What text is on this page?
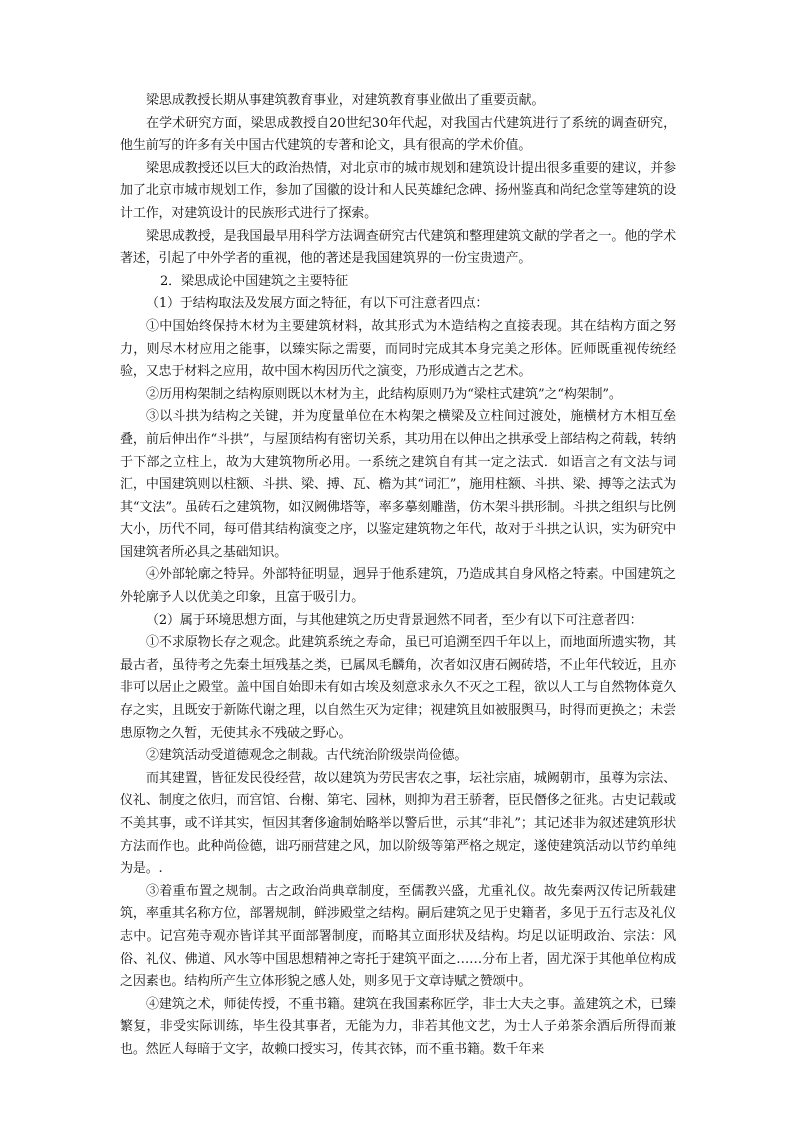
梁思成教授长期从事建筑教育事业，对建筑教育事业做出了重要贡献。

在学术研究方面，梁思成教授自20世纪30年代起，对我国古代建筑进行了系统的调查研究，他生前写的许多有关中国古代建筑的专著和论文，具有很高的学术价值。

梁思成教授还以巨大的政治热情，对北京市的城市规划和建筑设计提出很多重要的建议，并参加了北京市城市规划工作，参加了国徽的设计和人民英雄纪念碑、扬州鉴真和尚纪念堂等建筑的设计工作，对建筑设计的民族形式进行了探索。

梁思成教授，是我国最早用科学方法调查研究古代建筑和整理建筑文献的学者之一。他的学术著述，引起了中外学者的重视，他的著述是我国建筑界的一份宝贵遗产。

2．梁思成论中国建筑之主要特征

（1）于结构取法及发展方面之特征，有以下可注意者四点：

①中国始终保持木材为主要建筑材料，故其形式为木造结构之直接表现。其在结构方面之努力，则尽木材应用之能事，以臻实际之需要，而同时完成其本身完美之形体。匠师既重视传统经验，又忠于材料之应用，故中国木构因历代之演变，乃形成遒古之艺术。

②历用构架制之结构原则既以木材为主，此结构原则乃为“梁柱式建筑”之“构架制”。

③以斗拱为结构之关键，并为度量单位在木构架之横梁及立柱间过渡处，施横材方木相互垒叠，前后伸出作“斗拱”，与屋顶结构有密切关系，其功用在以伸出之拱承受上部结构之荷载，转纳于下部之立柱上，故为大建筑物所必用。一系统之建筑自有其一定之法式．如语言之有文法与词汇，中国建筑则以柱额、斗拱、梁、搏、瓦、檐为其“词汇”，施用柱额、斗拱、梁、搏等之法式为其“文法”。虽砖石之建筑物，如汉阙佛塔等，率多摹刻雕凿，仿木架斗拱形制。斗拱之组织与比例大小，历代不同，每可借其结构演变之序，以鉴定建筑物之年代，故对于斗拱之认识，实为研究中国建筑者所必具之基础知识。

④外部轮廓之特异。外部特征明显，迥异于他系建筑，乃造成其自身风格之特素。中国建筑之外轮廓予人以优美之印象，且富于吸引力。

（2）属于环境思想方面，与其他建筑之历史背景迥然不同者，至少有以下可注意者四：

①不求原物长存之观念。此建筑系统之寿命，虽已可追溯至四千年以上，而地面所遗实物，其最古者，虽待考之先秦土垣残基之类，已属凤毛麟角，次者如汉唐石阙砖塔，不止年代较近，且亦非可以居止之殿堂。盖中国自始即未有如古埃及刻意求永久不灭之工程，欲以人工与自然物体竟久存之实，且既安于新陈代谢之理，以自然生灭为定律；视建筑且如被服舆马，时得而更换之；未尝患原物之久暂，无使其永不残破之野心。

②建筑活动受道德观念之制裁。古代统治阶级崇尚俭德。

而其建置，皆征发民役经营，故以建筑为劳民害农之事，坛社宗庙，城阙朝市，虽尊为宗法、仪礼、制度之依归，而宫馆、台榭、第宅、园林，则抑为君王骄奢，臣民僭侈之征兆。古史记载或不美其事，或不详其实，恒因其奢侈逾制始略举以警后世，示其“非礼”；其记述非为叙述建筑形状方法而作也。此种尚俭德，诎巧丽营建之风，加以阶级等第严格之规定，遂使建筑活动以节约单纯为是。.

③着重布置之规制。古之政治尚典章制度，至儒教兴盛，尤重礼仪。故先秦两汉传记所载建筑，率重其名称方位，部署规制，鲜涉殿堂之结构。嗣后建筑之见于史籍者，多见于五行志及礼仪志中。记宫苑寺观亦皆详其平面部署制度，而略其立面形状及结构。均足以证明政治、宗法：风俗、礼仪、佛道、风水等中国思想精神之寄托于建筑平面之……分布上者，固尤深于其他单位构成之因素也。结构所产生立体形貌之感人处，则多见于文章诗赋之赞颂中。

④建筑之术，师徒传授，不重书籍。建筑在我国素称匠学，非士大夫之事。盖建筑之术，已臻繁复，非受实际训练，毕生役其事者，无能为力，非若其他文艺，为士人子弟茶余酒后所得而兼也。然匠人每暗于文字，故赖口授实习，传其衣钵，而不重书籍。数千年来
